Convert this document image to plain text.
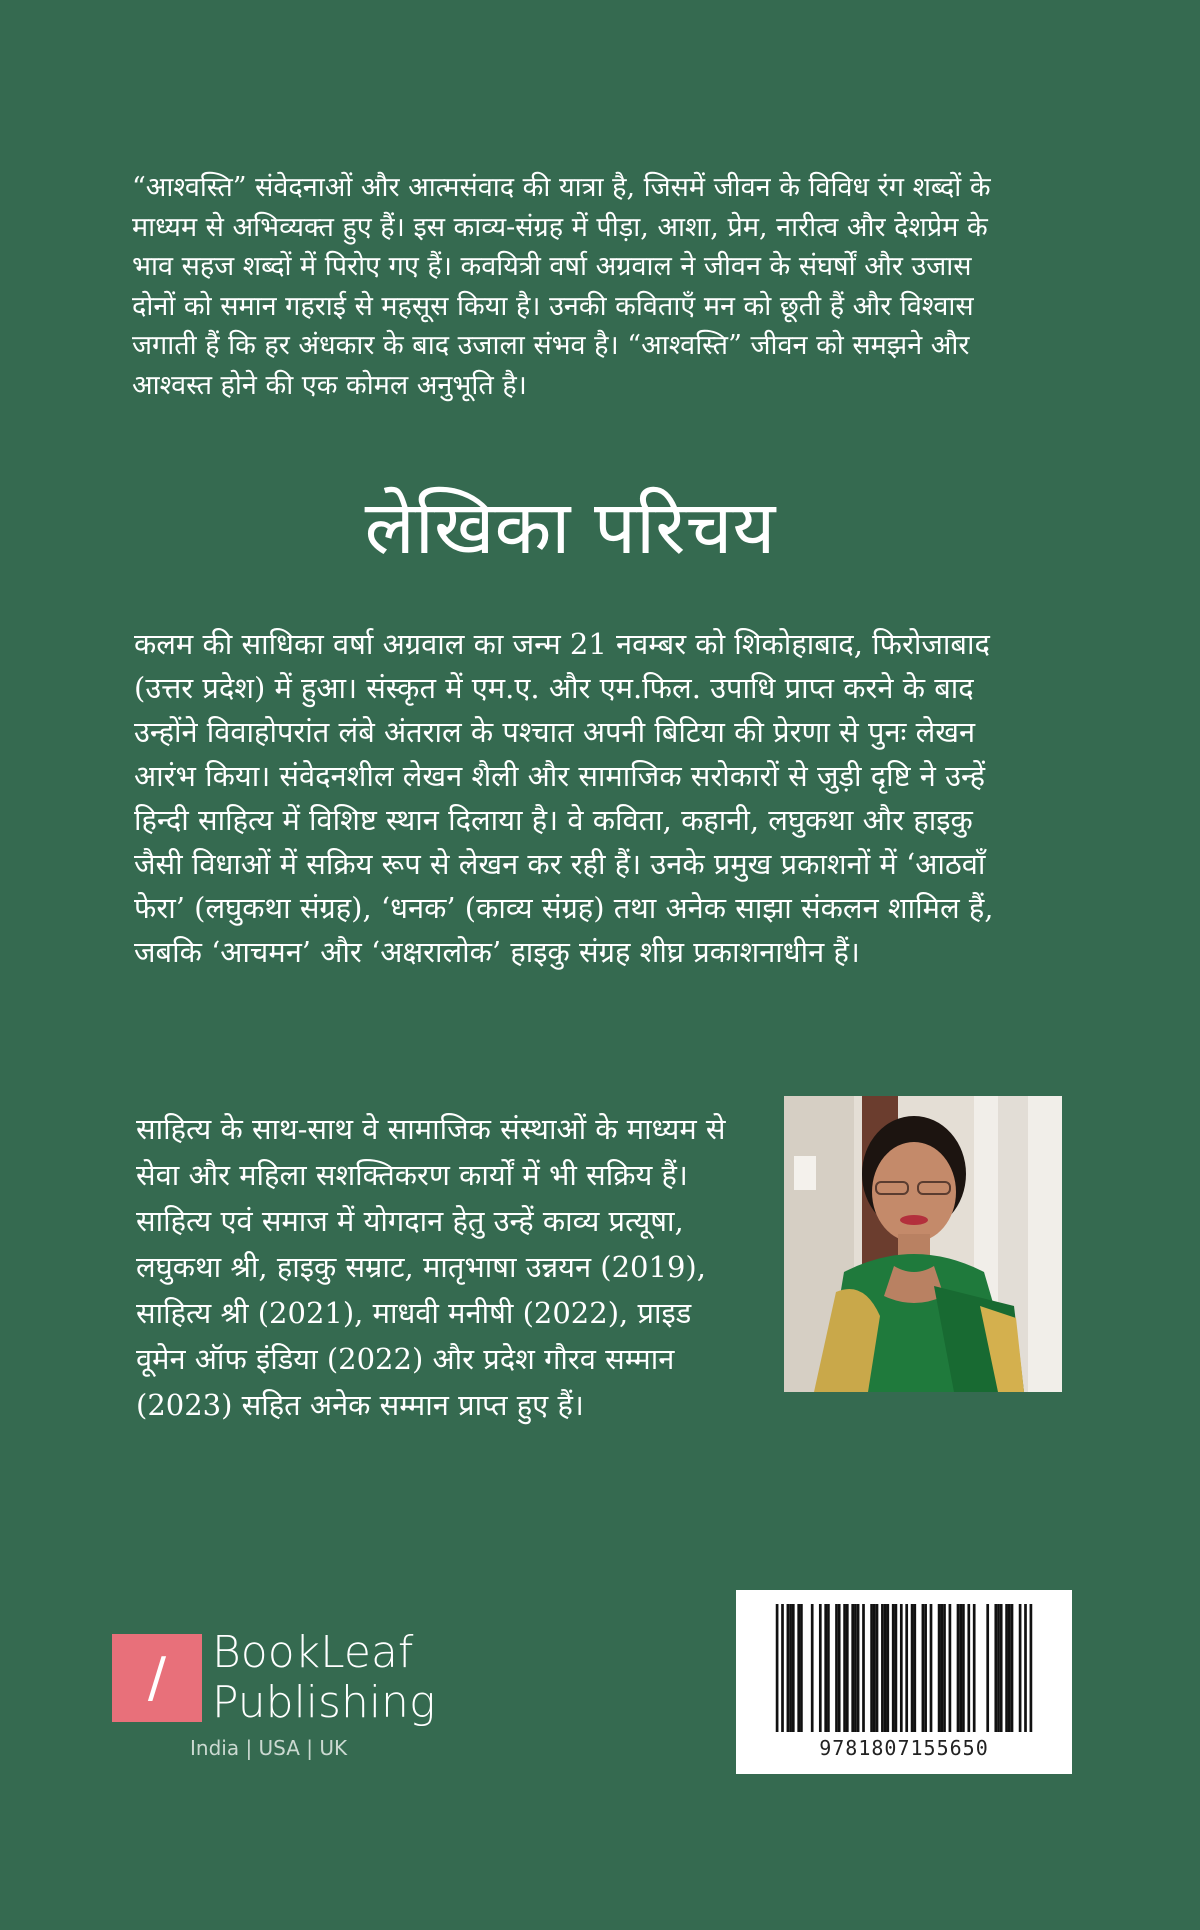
“आश्वस्ति” संवेदनाओं और आत्मसंवाद की यात्रा है, जिसमें जीवन के विविध रंग शब्दों के माध्यम से अभिव्यक्त हुए हैं। इस काव्य-संग्रह में पीड़ा, आशा, प्रेम, नारीत्व और देशप्रेम के भाव सहज शब्दों में पिरोए गए हैं। कवयित्री वर्षा अग्रवाल ने जीवन के संघर्षों और उजास दोनों को समान गहराई से महसूस किया है। उनकी कविताएँ मन को छूती हैं और विश्वास जगाती हैं कि हर अंधकार के बाद उजाला संभव है। “आश्वस्ति” जीवन को समझने और आश्वस्त होने की एक कोमल अनुभूति है।

लेखिका परिचय

कलम की साधिका वर्षा अग्रवाल का जन्म 21 नवम्बर को शिकोहाबाद, फिरोजाबाद (उत्तर प्रदेश) में हुआ। संस्कृत में एम.ए. और एम.फिल. उपाधि प्राप्त करने के बाद उन्होंने विवाहोपरांत लंबे अंतराल के पश्चात अपनी बिटिया की प्रेरणा से पुनः लेखन आरंभ किया। संवेदनशील लेखन शैली और सामाजिक सरोकारों से जुड़ी दृष्टि ने उन्हें हिन्दी साहित्य में विशिष्ट स्थान दिलाया है। वे कविता, कहानी, लघुकथा और हाइकु जैसी विधाओं में सक्रिय रूप से लेखन कर रही हैं। उनके प्रमुख प्रकाशनों में ‘आठवाँ फेरा’ (लघुकथा संग्रह), ‘धनक’ (काव्य संग्रह) तथा अनेक साझा संकलन शामिल हैं, जबकि ‘आचमन’ और ‘अक्षरालोक’ हाइकु संग्रह शीघ्र प्रकाशनाधीन हैं।

साहित्य के साथ-साथ वे सामाजिक संस्थाओं के माध्यम से सेवा और महिला सशक्तिकरण कार्यों में भी सक्रिय हैं। साहित्य एवं समाज में योगदान हेतु उन्हें काव्य प्रत्यूषा, लघुकथा श्री, हाइकु सम्राट, मातृभाषा उन्नयन (2019), साहित्य श्री (2021), माधवी मनीषी (2022), प्राइड वूमेन ऑफ इंडिया (2022) और प्रदेश गौरव सम्मान (2023) सहित अनेक सम्मान प्राप्त हुए हैं।

/	BookLeaf
Publishing
India | USA | UK	9781807155650
